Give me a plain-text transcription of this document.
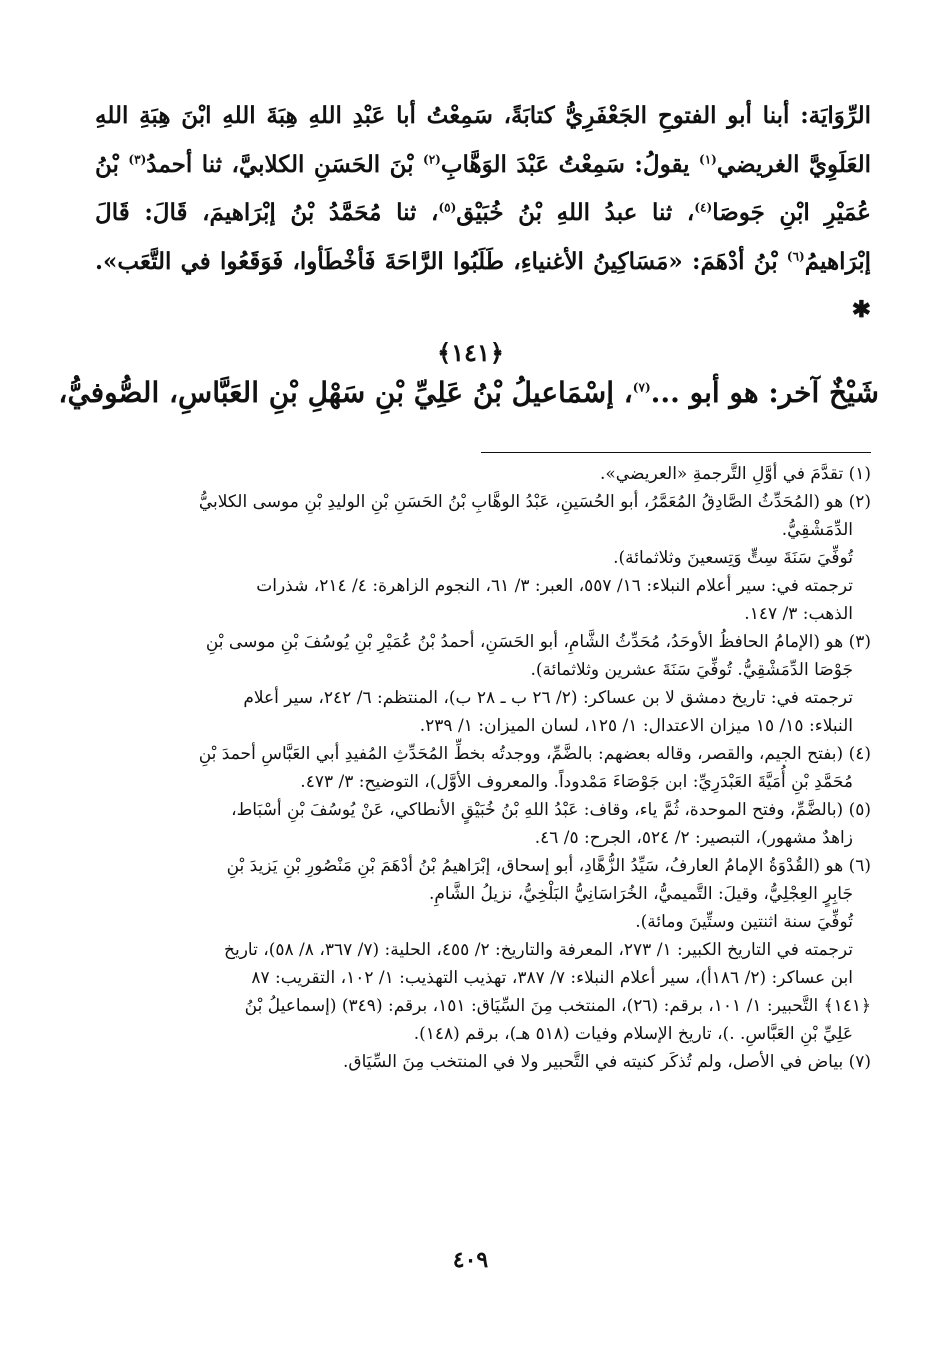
الرِّوَايَة: أبنا أبو الفتوحِ الجَعْفَرِيُّ كتابَةً، سَمِعْتُ أبا عَبْدِ اللهِ هِبَةَ اللهِ ابْنَ هِبَةِ اللهِ العَلَوِيَّ الغريضي$^{(١)}$ يقولُ: سَمِعْتُ عَبْدَ الوَهَّابِ$^{(٢)}$ بْنَ الحَسَنِ الكلابيَّ، ثنا أحمدُ$^{(٣)}$ بْنُ عُمَيْرِ ابْنِ جَوصَا$^{(٤)}$، ثنا عبدُ اللهِ بْنُ خُبَيْق$^{(٥)}$، ثنا مُحَمَّدُ بْنُ إبْرَاهيمَ، قَالَ: قَالَ إبْرَاهيمُ$^{(٦)}$ بْنُ أدْهَمَ: «مَسَاكِينُ الأغنياءِ، طَلَبُوا الرَّاحَةَ فَأخْطَأوا، فَوَقَعُوا في التَّعَب». ✱
﴿١٤١﴾
شَيْخٌ آخر: هو أبو ...$^{(٧)}$، إسْمَاعيلُ بْنُ عَلِيِّ بْنِ سَهْلِ بْنِ العَبَّاسِ، الصُّوفيُّ،
(١) تقدَّمَ في أوَّلِ التَّرجمةِ ‎«العريضي».
(٢) هو (المُحَدِّثُ الصَّادِقُ المُعَمَّرُ، أبو الحُسَينِ، عَبْدُ الوهَّابِ بْنُ الحَسَنِ بْنِ الوليدِ بْنِ موسى الكلابيُّ
الدِّمَشْقِيُّ.
تُوفِّيَ سَنَةَ سِتٍّ وَتِسعينَ وثلاثمائة).
ترجمته في: سير أعلام النبلاء: ١٦/ ٥٥٧، العبر: ٣/ ٦١، النجوم الزاهرة: ٤/ ٢١٤، شذرات
الذهب: ٣/ ١٤٧.
(٣) هو (الإمامُ الحافظُ الأوحَدُ، مُحَدِّثُ الشَّامِ، أبو الحَسَنِ، أحمدُ بْنُ عُمَيْرِ بْنِ يُوسُفَ بْنِ موسى بْنِ
جَوْصَا الدِّمَشْقِيُّ. تُوفِّيَ سَنَةَ عشرين وثلاثمائة).
ترجمته في: تاريخ دمشق لا بن عساكر: (٢/ ٢٦ ب ـ ٢٨ ب)، المنتظم: ٦/ ٢٤٢، سير أعلام
النبلاء: ١٥/ ١٥ ميزان الاعتدال: ١/ ١٢٥، لسان الميزان: ١/ ٢٣٩.
(٤) (بفتح الجيم، والقصر، وقاله بعضهم: بالضَّمِّ، ووجدتُه بخطِّ المُحَدِّثِ المُفيدِ أبي العَبَّاسِ أحمدَ بْنِ
مُحَمَّدِ بْنِ أُمَيَّةَ العَبْدَرِيِّ: ابن جَوْصَاءَ مَمْدوداً. والمعروف الأوَّل)، التوضيح: ٣/ ٤٧٣.
(٥) (بالضَّمِّ، وفتح الموحدة، ثُمَّ ياء، وقاف: عَبْدُ اللهِ بْنُ خُبَيْقٍ الأنطاكي، عَنْ يُوسُفَ بْنِ أسْبَاط،
زاهدٌ مشهور)، التبصير: ٢/ ٥٢٤، الجرح: ٥/ ٤٦.
(٦) هو (القُدْوَةُ الإمامُ العارفُ، سَيِّدُ الزُّهَّادِ، أبو إسحاق، إبْرَاهيمُ بْنُ أدْهَمَ بْنِ مَنْصُورِ بْنِ يَزيدَ بْنِ
جَابِرٍ العِجْلِيُّ، وقيلَ: التَّميميُّ، الخُرَاسَانِيُّ البَلْخِيُّ، نزيلُ الشَّامِ.
تُوفِّيَ سنة اثنتين وستِّينَ ومائة).
ترجمته في التاريخ الكبير: ١/ ٢٧٣، المعرفة والتاريخ: ٢/ ٤٥٥، الحلية: (٧/ ٣٦٧، ٨/ ٥٨)، تاريخ
ابن عساكر: (٢/ ١٨٦أ)، سير أعلام النبلاء: ٧/ ٣٨٧، تهذيب التهذيب: ١/ ١٠٢، التقريب: ٨٧
﴿١٤١﴾ التَّحبير: ١/ ١٠١، برقم: (٢٦)، المنتخب مِنَ السِّيَاق: ١٥١، برقم: (٣٤٩) (إسماعيلُ بْنُ
عَلِيِّ بْنِ العَبَّاسِ. .)، تاريخ الإسلام وفيات (٥١٨ هـ)، برقم (١٤٨).
(٧) بياض في الأصل، ولم تُذكَر كنيته في التَّحبير ولا في المنتخب مِنَ السِّيَاق.
٤٠٩
